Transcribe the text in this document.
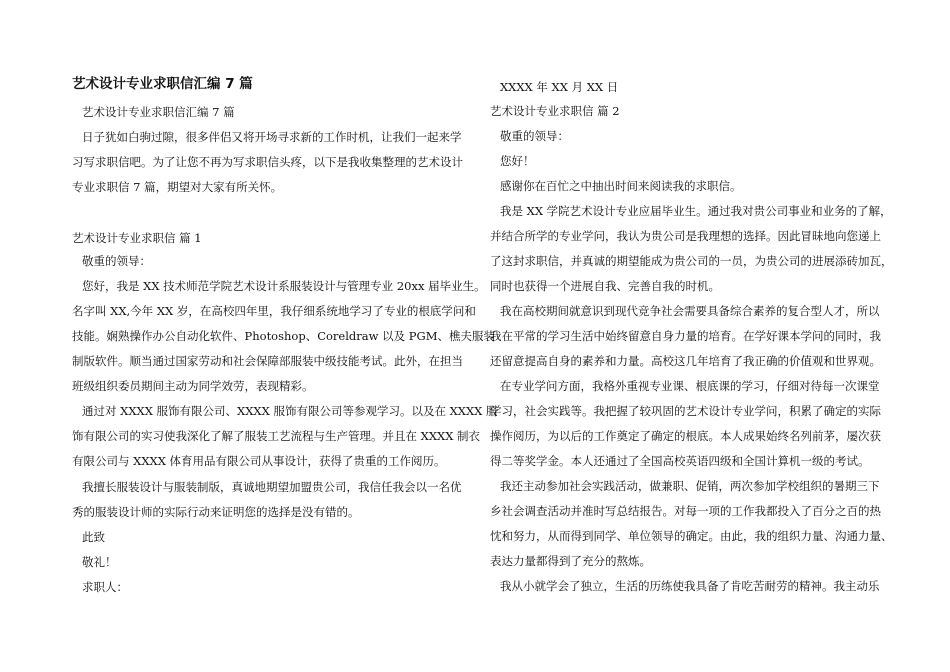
艺术设计专业求职信汇编 7 篇
艺术设计专业求职信汇编 7 篇
日子犹如白驹过隙，很多伴侣又将开场寻求新的工作时机，让我们一起来学
习写求职信吧。为了让您不再为写求职信头疼，以下是我收集整理的艺术设计
专业求职信 7 篇，期望对大家有所关怀。
艺术设计专业求职信 篇 1
敬重的领导：
您好，我是 XX 技术师范学院艺术设计系服装设计与管理专业 20xx 届毕业生。
名字叫 XX,今年 XX 岁，在高校四年里，我仔细系统地学习了专业的根底学问和
技能。娴熟操作办公自动化软件、Photoshop、Coreldraw 以及 PGM、樵夫服装
制版软件。顺当通过国家劳动和社会保障部服装中级技能考试。此外，在担当
班级组织委员期间主动为同学效劳，表现精彩。
通过对 XXXX 服饰有限公司、XXXX 服饰有限公司等参观学习。以及在 XXXX 服
饰有限公司的实习使我深化了解了服装工艺流程与生产管理。并且在 XXXX 制衣
有限公司与 XXXX 体育用品有限公司从事设计，获得了贵重的工作阅历。
我擅长服装设计与服装制版，真诚地期望加盟贵公司，我信任我会以一名优
秀的服装设计师的实际行动来证明您的选择是没有错的。
此致
敬礼！
求职人：
XXXX 年 XX 月 XX 日
艺术设计专业求职信 篇 2
敬重的领导：
您好！
感谢你在百忙之中抽出时间来阅读我的求职信。
我是 XX 学院艺术设计专业应届毕业生。通过我对贵公司事业和业务的了解，
并结合所学的专业学问，我认为贵公司是我理想的选择。因此冒昧地向您递上
了这封求职信，并真诚的期望能成为贵公司的一员，为贵公司的进展添砖加瓦，
同时也获得一个进展自我、完善自我的时机。
我在高校期间就意识到现代竞争社会需要具备综合素养的复合型人才，所以
我在平常的学习生活中始终留意自身力量的培育。在学好课本学问的同时，我
还留意提高自身的素养和力量。高校这几年培育了我正确的价值观和世界观。
在专业学问方面，我格外重视专业课、根底课的学习，仔细对待每一次课堂
学习，社会实践等。我把握了较巩固的艺术设计专业学问，积累了确定的实际
操作阅历，为以后的工作奠定了确定的根底。本人成果始终名列前茅，屡次获
得二等奖学金。本人还通过了全国高校英语四级和全国计算机一级的考试。
我还主动参加社会实践活动，做兼职、促销，两次参加学校组织的暑期三下
乡社会调查活动并准时写总结报告。对每一项的工作我都投入了百分之百的热
忱和努力，从而得到同学、单位领导的确定。由此，我的组织力量、沟通力量、
表达力量都得到了充分的熬炼。
我从小就学会了独立，生活的历练使我具备了肯吃苦耐劳的精神。我主动乐
